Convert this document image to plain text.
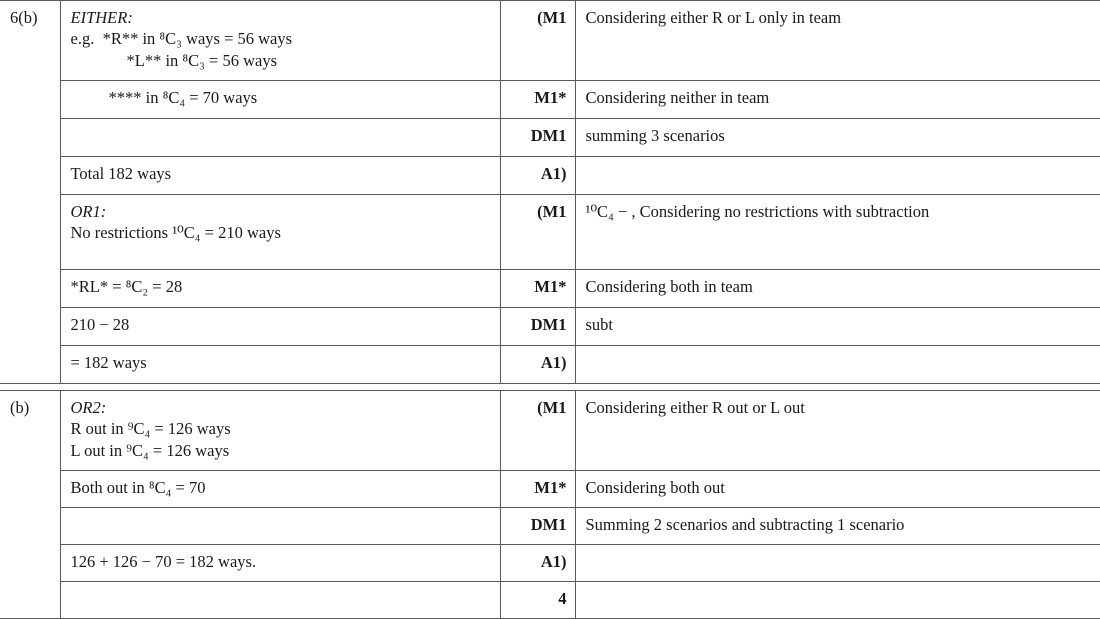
6(b)	EITHER:
e.g.  *R** in ⁸C₃ ways = 56 ways
*L** in ⁸C₃ = 56 ways	(M1	Considering either R or L only in team

	**** in ⁸C₄ = 70 ways	M1*	Considering neither in team
		DM1	summing 3 scenarios

	Total 182 ways	A1)	

	OR1:
No restrictions ¹⁰C₄ = 210 ways	(M1	¹⁰C₄ − , Considering no restrictions with subtraction

	*RL* = ⁸C₂ = 28	M1*	Considering both in team

	210 − 28	DM1	subt

	= 182 ways	A1)	
(b)	OR2:
R out in ⁹C₄ = 126 ways
L out in ⁹C₄ = 126 ways	(M1	Considering either R out or L out

	Both out in ⁸C₄ = 70	M1*	Considering both out
		DM1	Summing 2 scenarios and subtracting 1 scenario

	126 + 126 − 70 = 182 ways.	A1)	
		4	
